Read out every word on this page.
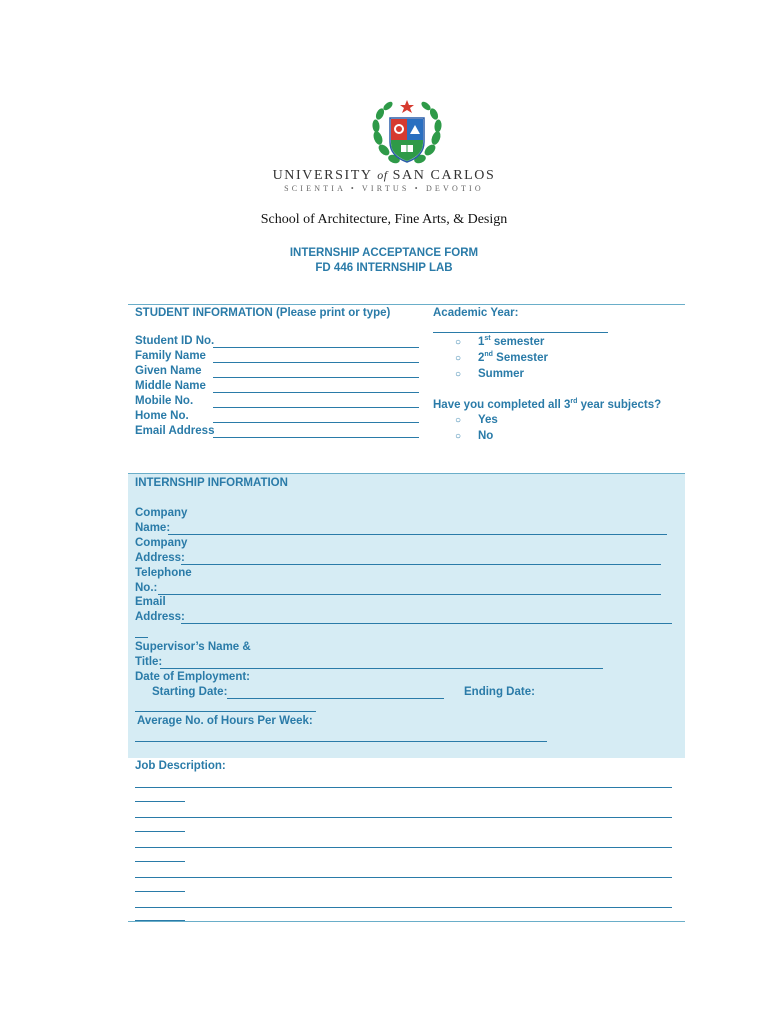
UNIVERSITY of SAN CARLOS
SCIENTIA • VIRTUS • DEVOTIO
School of Architecture, Fine Arts, & Design
INTERNSHIP ACCEPTANCE FORM
FD 446 INTERNSHIP LAB
STUDENT INFORMATION (Please print or type)
Student ID No.
Family Name
Given Name
Middle Name
Mobile No.
Home No.
Email Address
Academic Year:
○ 1st semester
○ 2nd Semester
○ Summer
Have you completed all 3rd year subjects?
○ Yes
○ No
INTERNSHIP INFORMATION
Company
Name:
Company
Address:
Telephone
No.:
Email
Address:
Supervisor’s Name &
Title:
Date of Employment:
Starting Date:	Ending Date:
Average No. of Hours Per Week:
Job Description:
